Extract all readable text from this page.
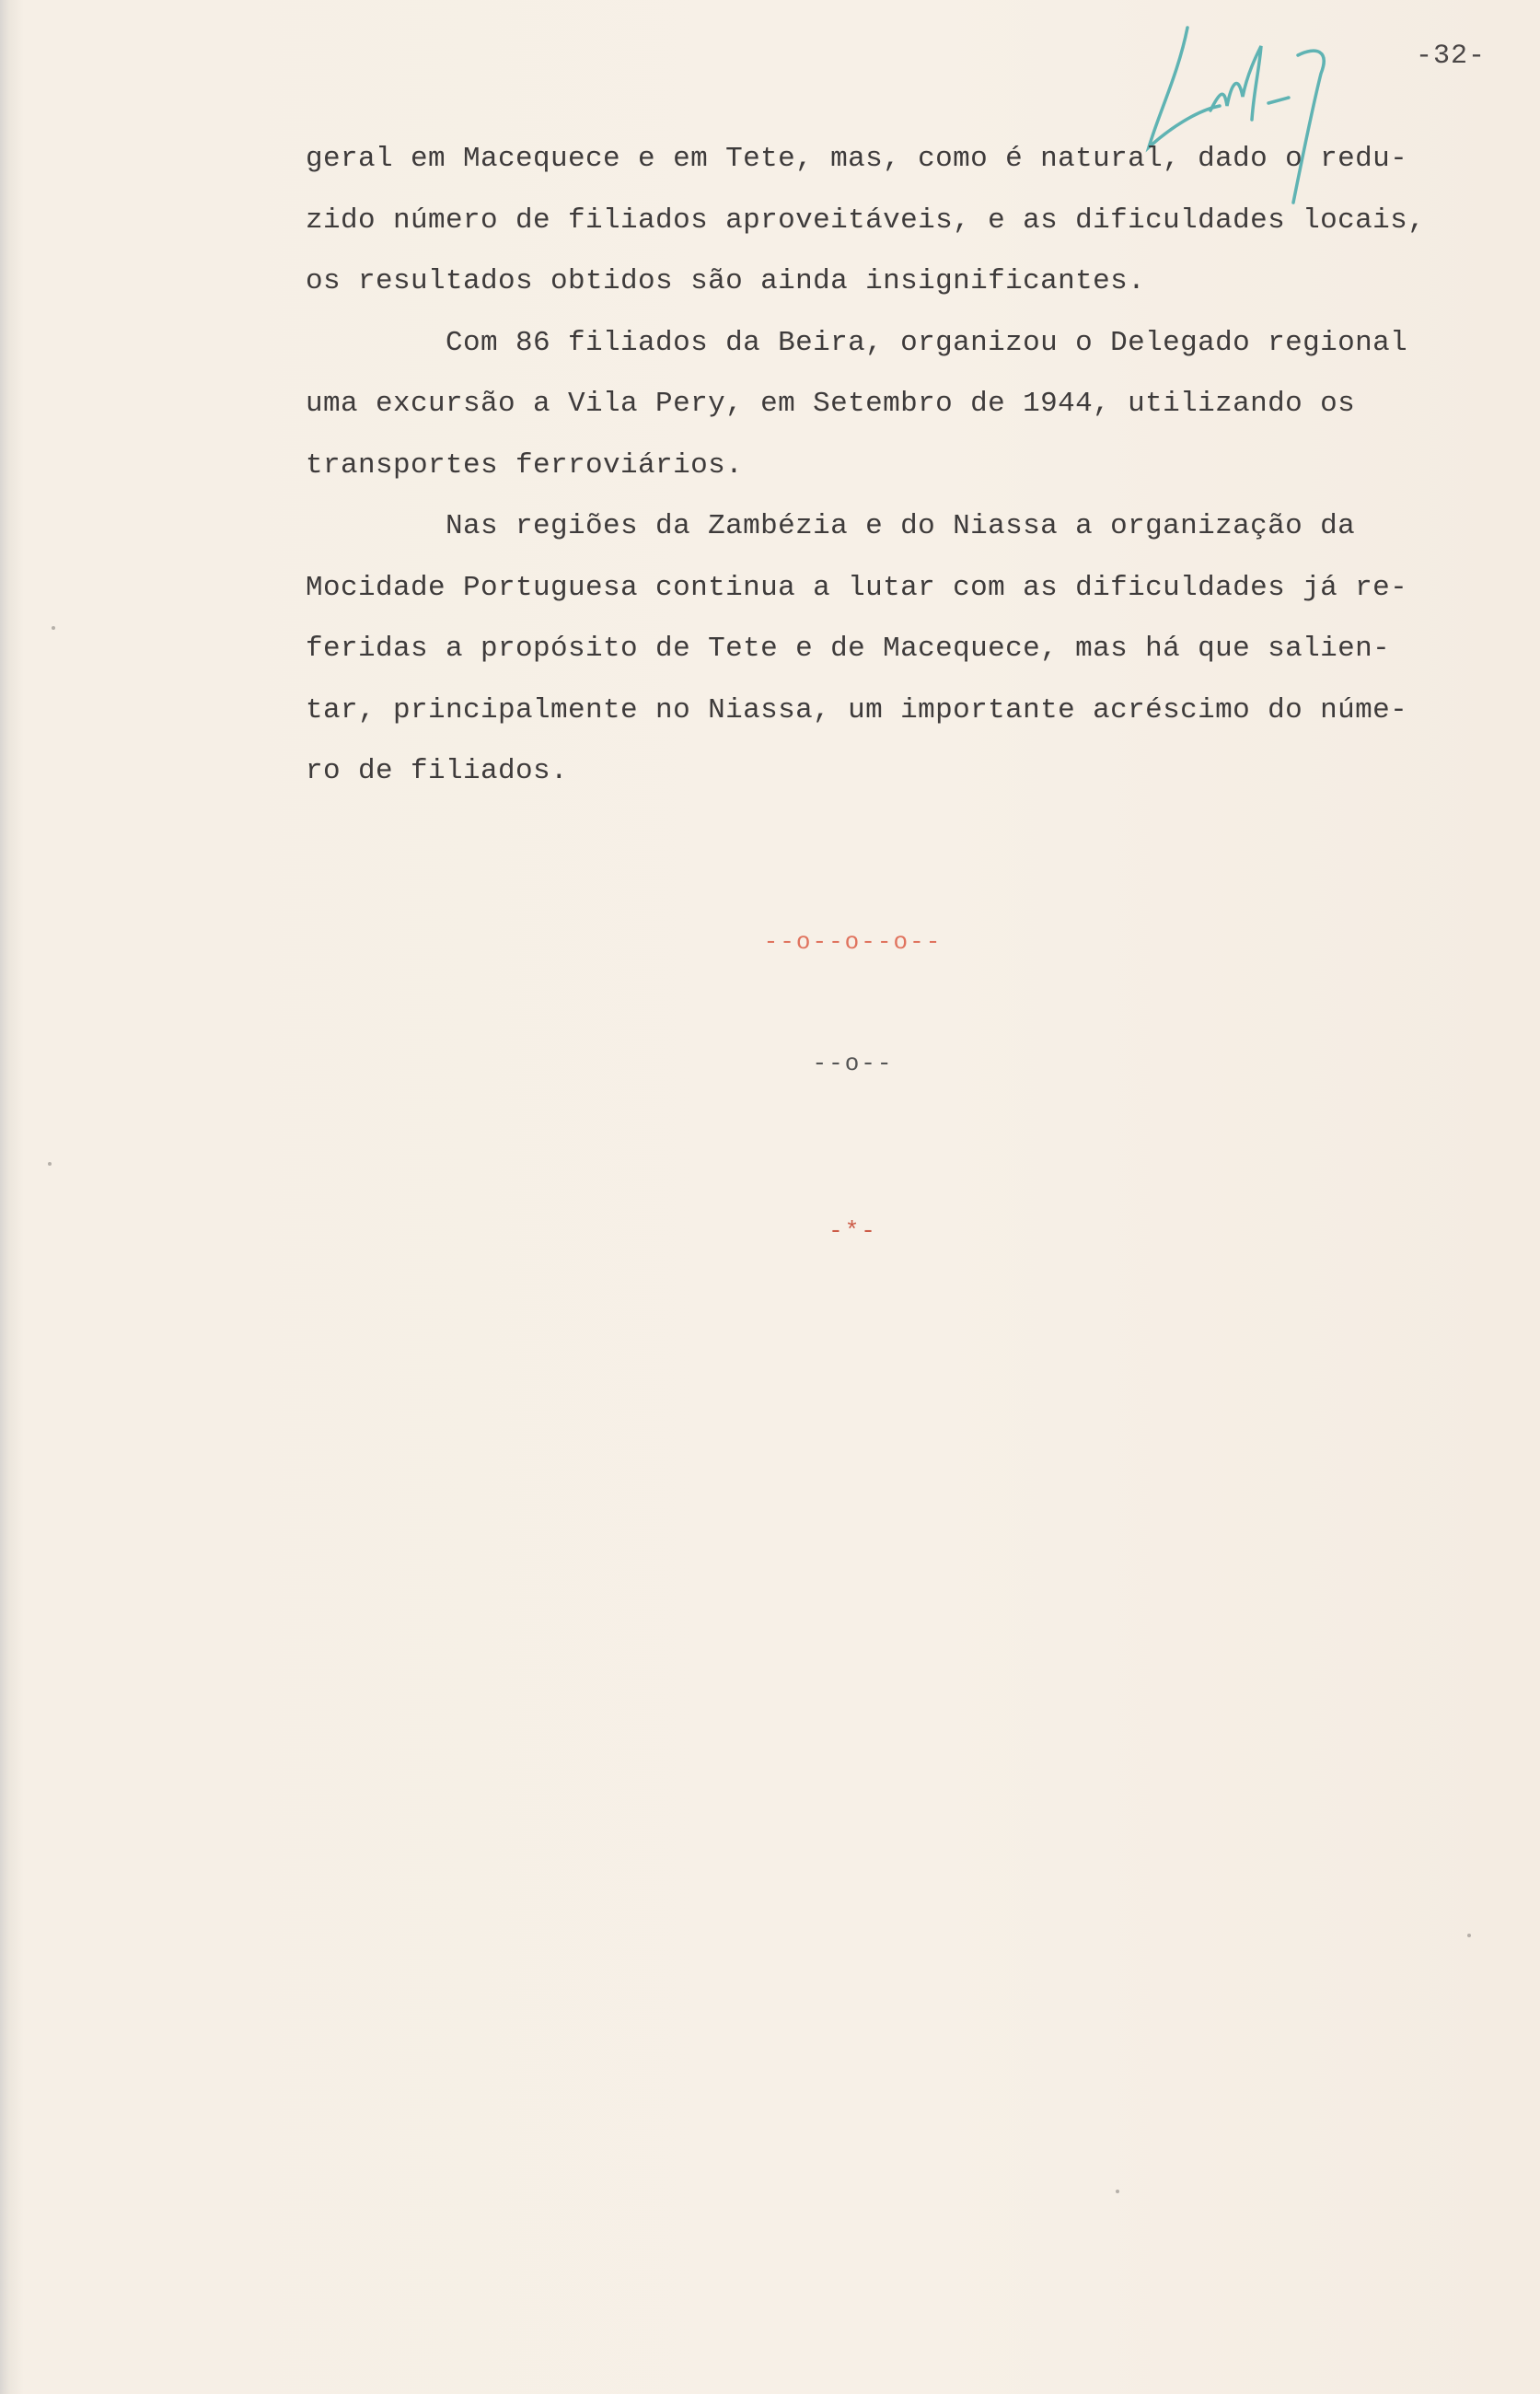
-32-
geral em Macequece e em Tete, mas, como é natural, dado o redu-
zido número de filiados aproveitáveis, e as dificuldades locais,
os resultados obtidos são ainda insignificantes.
Com 86 filiados da Beira, organizou o Delegado regional
uma excursão a Vila Pery, em Setembro de 1944, utilizando os
transportes ferroviários.
Nas regiões da Zambézia e do Niassa a organização da
Mocidade Portuguesa continua a lutar com as dificuldades já re-
feridas a propósito de Tete e de Macequece, mas há que salien-
tar, principalmente no Niassa, um importante acréscimo do núme-
ro de filiados.
--o--o--o--
--o--
-*-
